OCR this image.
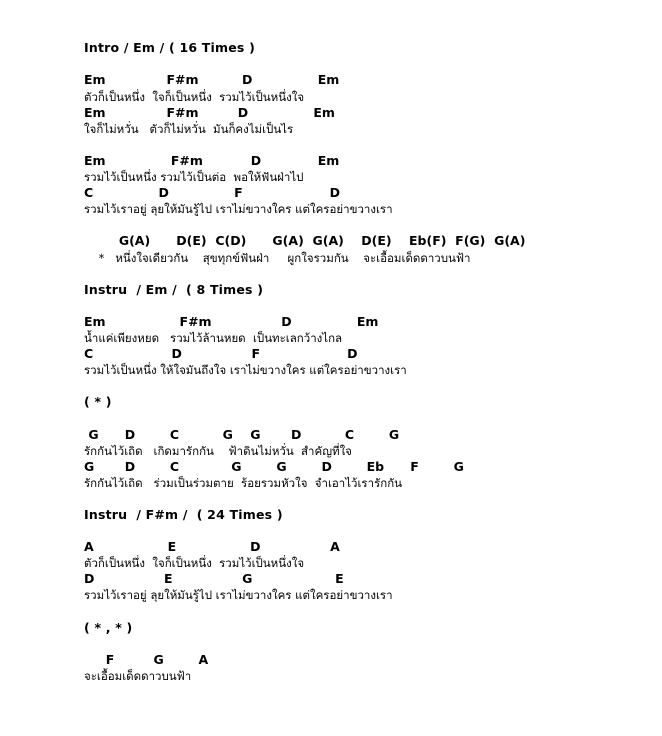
Intro / Em / ( 16 Times )
Em              F#m          D               Em
ตัวก็เป็นหนึ่ง  ใจก็เป็นหนึ่ง  รวมไว้เป็นหนึ่งใจ
Em              F#m         D               Em
ใจก็ไม่หวั่น   ตัวก็ไม่หวั่น  มันก็คงไม่เป็นไร
Em               F#m           D             Em
รวมไว้เป็นหนึ่ง รวมไว้เป็นต่อ  พอให้ฟันฝ่าไป
C               D               F                    D
รวมไว้เราอยู่ ลุยให้มันรู้ไป เราไม่ขวางใคร แต่ใครอย่าขวางเรา
G(A)      D(E)  C(D)      G(A)  G(A)    D(E)    Eb(F)  F(G)  G(A)
*   หนึ่งใจเดียวกัน    สุขทุกข์ฟันฝ่า     ผูกใจรวมกัน    จะเอื้อมเด็ดดาวบนฟ้า
Instru  / Em /  ( 8 Times )
Em                 F#m                D               Em
น้ำแค่เพียงหยด   รวมไว้ล้านหยด  เป็นทะเลกว้างไกล
C                  D                F                    D
รวมไว้เป็นหนึ่ง ให้ใจมันถึงใจ เราไม่ขวางใคร แต่ใครอย่าขวางเรา
( * )
G      D        C          G    G       D          C        G
รักกันไว้เถิด   เกิดมารักกัน    ฟ้าดินไม่หวั่น  สำคัญที่ใจ
G       D        C            G        G        D        Eb      F        G
รักกันไว้เถิด   ร่วมเป็นร่วมตาย  ร้อยรวมหัวใจ  จำเอาไว้เรารักกัน
Instru  / F#m /  ( 24 Times )
A                 E                 D                A
ตัวก็เป็นหนึ่ง  ใจก็เป็นหนึ่ง  รวมไว้เป็นหนึ่งใจ
D                E                G                   E
รวมไว้เราอยู่ ลุยให้มันรู้ไป เราไม่ขวางใคร แต่ใครอย่าขวางเรา
( * , * )
F         G        A
จะเอื้อมเด็ดดาวบนฟ้า
